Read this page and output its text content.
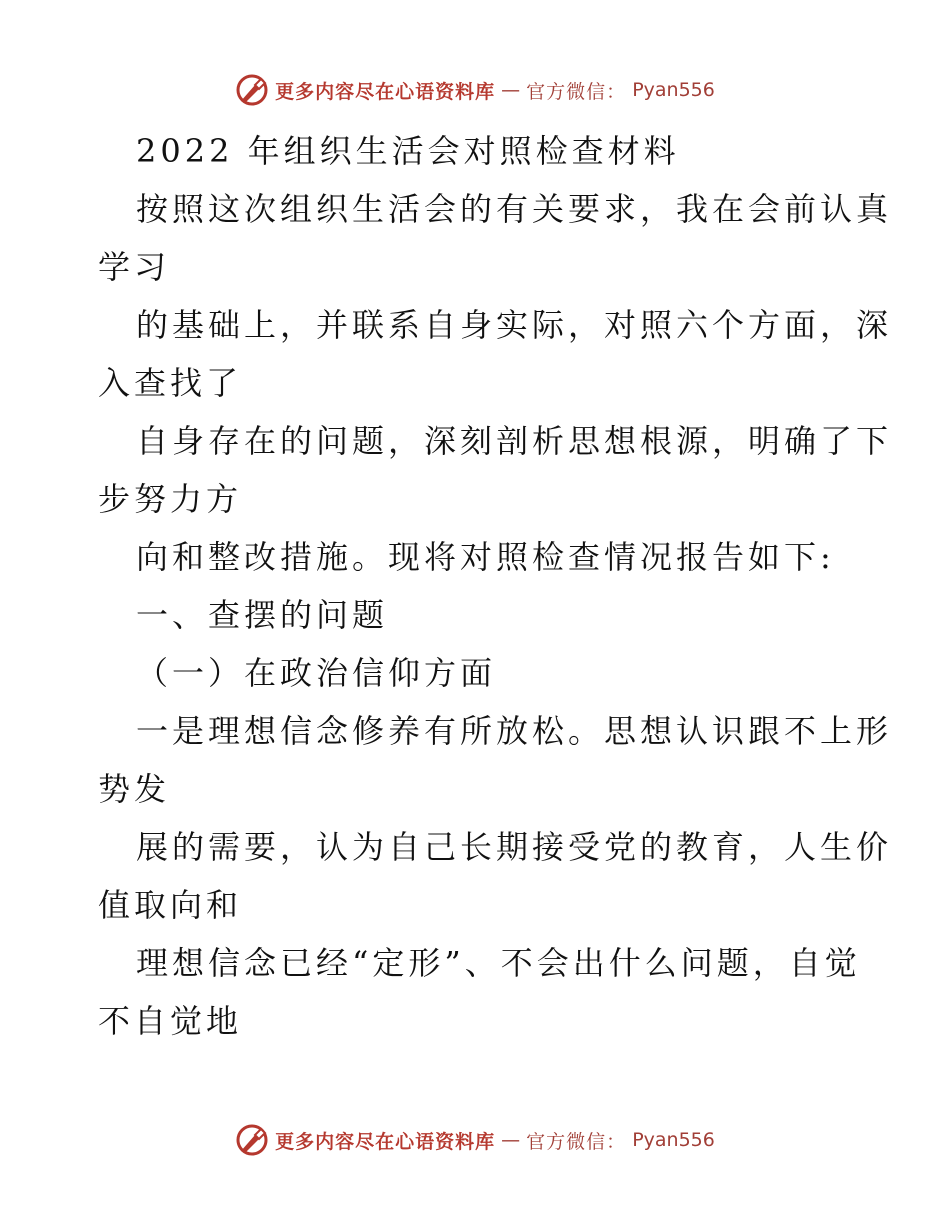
更多内容尽在心语资料库 — 官方微信： Pyan556
2022 年组织生活会对照检查材料
按照这次组织生活会的有关要求，我在会前认真
学习
的基础上，并联系自身实际，对照六个方面，深
入查找了
自身存在的问题，深刻剖析思想根源，明确了下
步努力方
向和整改措施。现将对照检查情况报告如下:
一、查摆的问题
（一）在政治信仰方面
一是理想信念修养有所放松。思想认识跟不上形
势发
展的需要，认为自己长期接受党的教育，人生价
值取向和
理想信念已经“定形”、不会出什么问题，自觉
不自觉地
更多内容尽在心语资料库 — 官方微信： Pyan556
